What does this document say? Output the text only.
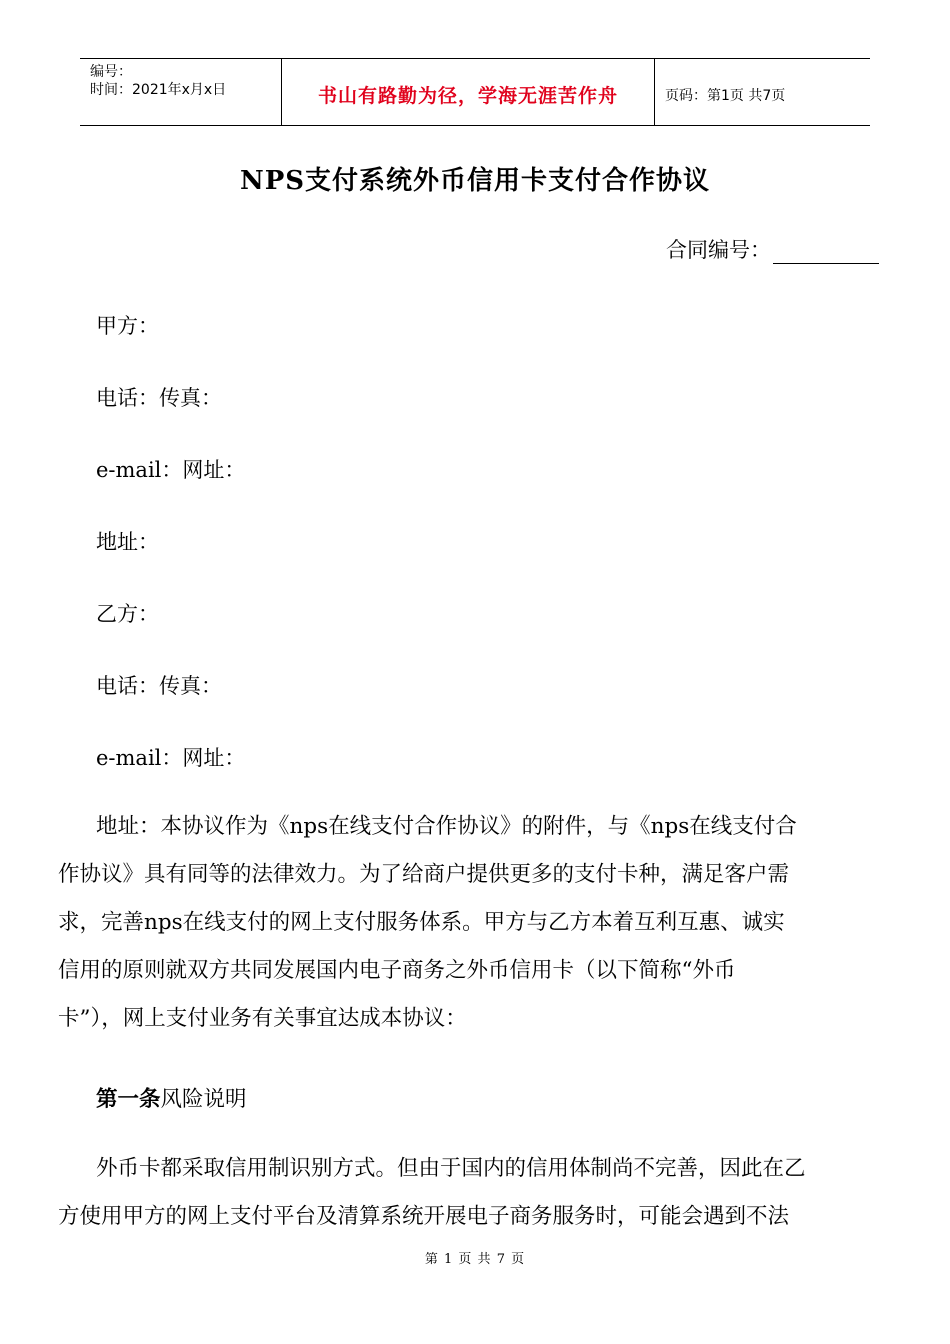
编号：
时间：2021年x月x日	书山有路勤为径，学海无涯苦作舟	页码：第1页 共7页
NPS支付系统外币信用卡支付合作协议
合同编号：
甲方：
电话：传真：
e-mail：网址：
地址：
乙方：
电话：传真：
e-mail：网址：
地址：本协议作为《nps在线支付合作协议》的附件，与《nps在线支付合
作协议》具有同等的法律效力。为了给商户提供更多的支付卡种，满足客户需
求，完善nps在线支付的网上支付服务体系。甲方与乙方本着互利互惠、诚实
信用的原则就双方共同发展国内电子商务之外币信用卡（以下简称“外币
卡”），网上支付业务有关事宜达成本协议：
第一条风险说明
外币卡都采取信用制识别方式。但由于国内的信用体制尚不完善，因此在乙
方使用甲方的网上支付平台及清算系统开展电子商务服务时，可能会遇到不法
第 1 页 共 7 页
